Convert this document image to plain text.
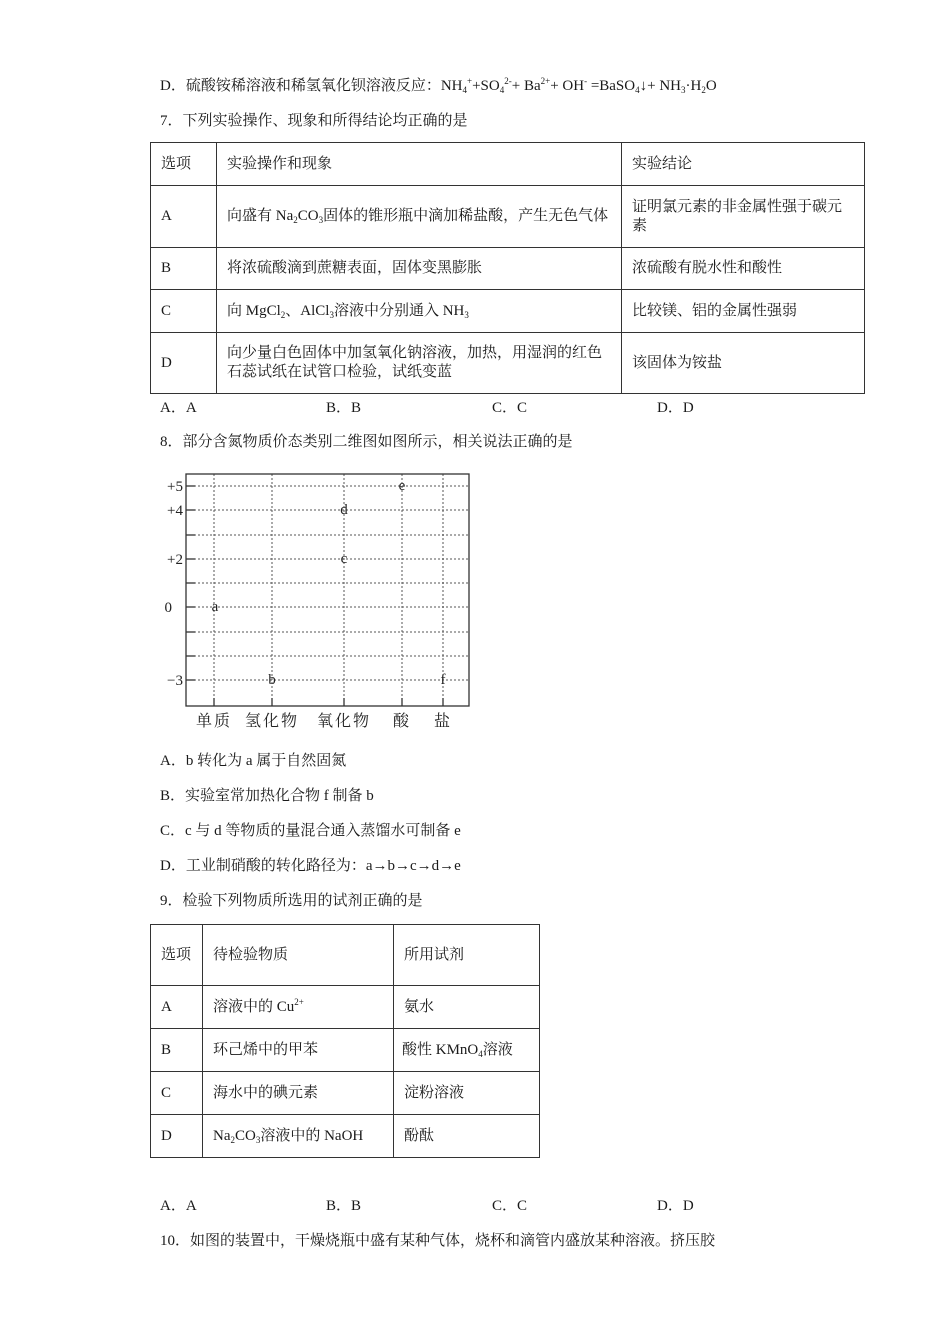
D．硫酸铵稀溶液和稀氢氧化钡溶液反应：$NH_4^++SO_4^{2-}+ Ba^{2+}+ OH^-$ =BaSO$_4$↓+ $NH_3\cdot H_2O$
7．下列实验操作、现象和所得结论均正确的是
选项	实验操作和现象	实验结论
A	向盛有 $Na_2CO_3$固体的锥形瓶中滴加稀盐酸，产生无色气体	证明氯元素的非金属性强于碳元素
B	将浓硫酸滴到蔗糖表面，固体变黑膨胀	浓硫酸有脱水性和酸性
C	向 MgCl$_2$、AlCl$_3$溶液中分别通入 $NH_3$	比较镁、铝的金属性强弱
D	向少量白色固体中加氢氧化钠溶液，加热，用湿润的红色石蕊试纸在试管口检验，试纸变蓝	该固体为铵盐
A．A	B．B	C．C	D．D
8．部分含氮物质价态类别二维图如图所示，相关说法正确的是
+5
+4
+2
0
−3
a
b
c
d
e
f
单质 氢化物 氧化物 酸 盐
A．b 转化为 a 属于自然固氮
B．实验室常加热化合物 f 制备 b
C．c 与 d 等物质的量混合通入蒸馏水可制备 e
D．工业制硝酸的转化路径为：a→b→c→d→e
9．检验下列物质所选用的试剂正确的是
选项	待检验物质	所用试剂
A	溶液中的 $Cu^{2+}$	氨水
B	环己烯中的甲苯	酸性 KMnO$_4$溶液
C	海水中的碘元素	淀粉溶液
D	$Na_2CO_3$溶液中的 NaOH	酚酞
A．A	B．B	C．C	D．D
10．如图的装置中，干燥烧瓶中盛有某种气体，烧杯和滴管内盛放某种溶液。挤压胶
